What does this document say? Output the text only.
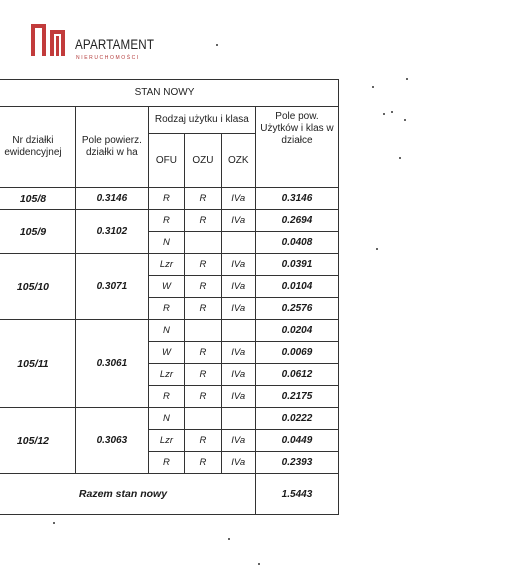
APARTAMENT
NIERUCHOMOŚCI
STAN NOWY					
Nr działki ewidencyjnej	Pole powierz. działki w ha	Rodzaj użytku i klasa			Pole pow. Użytków i klas w działce
		OFU	OZU	OZK	
105/8	0.3146	R	R	IVa	0.3146
105/9	0.3102	R	R	IVa	0.2694
		N			0.0408
105/10	0.3071	Lzr	R	IVa	0.0391
		W	R	IVa	0.0104
		R	R	IVa	0.2576
105/11	0.3061	N			0.0204
		W	R	IVa	0.0069
		Lzr	R	IVa	0.0612
		R	R	IVa	0.2175
105/12	0.3063	N			0.0222
		Lzr	R	IVa	0.0449
		R	R	IVa	0.2393
Razem stan nowy					1.5443
